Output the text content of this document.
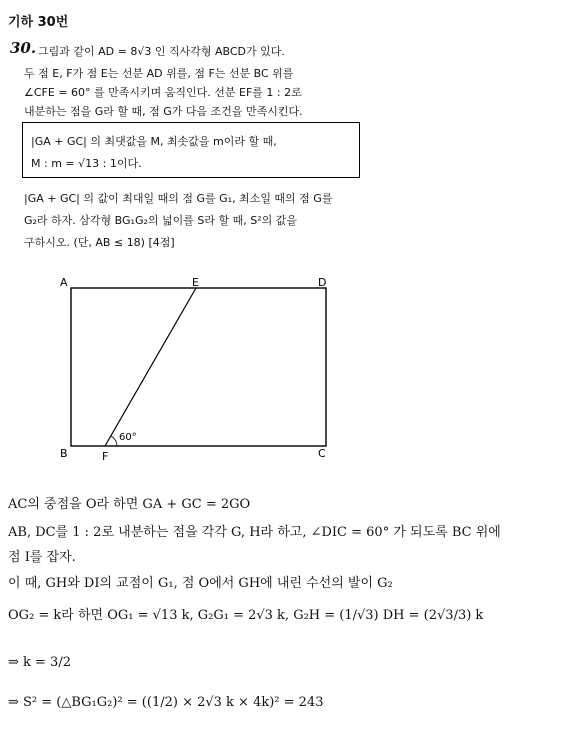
기하 30번
30. 그림과 같이 AD = 8√3 인 직사각형 ABCD가 있다.
두 점 E, F가 점 E는 선분 AD 위를, 점 F는 선분 BC 위를
∠CFE = 60° 를 만족시키며 움직인다. 선분 EF를 1 : 2로
내분하는 점을 G라 할 때, 점 G가 다음 조건을 만족시킨다.
|GA + GC| 의 최댓값을 M, 최솟값을 m이라 할 때,
M : m = √13 : 1이다.
|GA + GC| 의 값이 최대일 때의 점 G를 G₁, 최소일 때의 점 G를
G₂라 하자. 삼각형 BG₁G₂의 넓이를 S라 할 때, S²의 값을
구하시오. (단, AB ≤ 18) [4점]
A	E	D
B	F	C
60°
AC의 중점을 O라 하면 GA + GC = 2GO
AB, DC를 1 : 2로 내분하는 점을 각각 G, H라 하고, ∠DIC = 60° 가 되도록 BC 위에
점 I를 잡자.
이 때, GH와 DI의 교점이 G₁, 점 O에서 GH에 내린 수선의 발이 G₂
OG₂ = k라 하면 OG₁ = √13 k, G₂G₁ = 2√3 k, G₂H = (1/√3) DH = (2√3/3) k
⇒ k = 3/2
⇒ S² = (△BG₁G₂)² = ((1/2) × 2√3 k × 4k)² = 243
